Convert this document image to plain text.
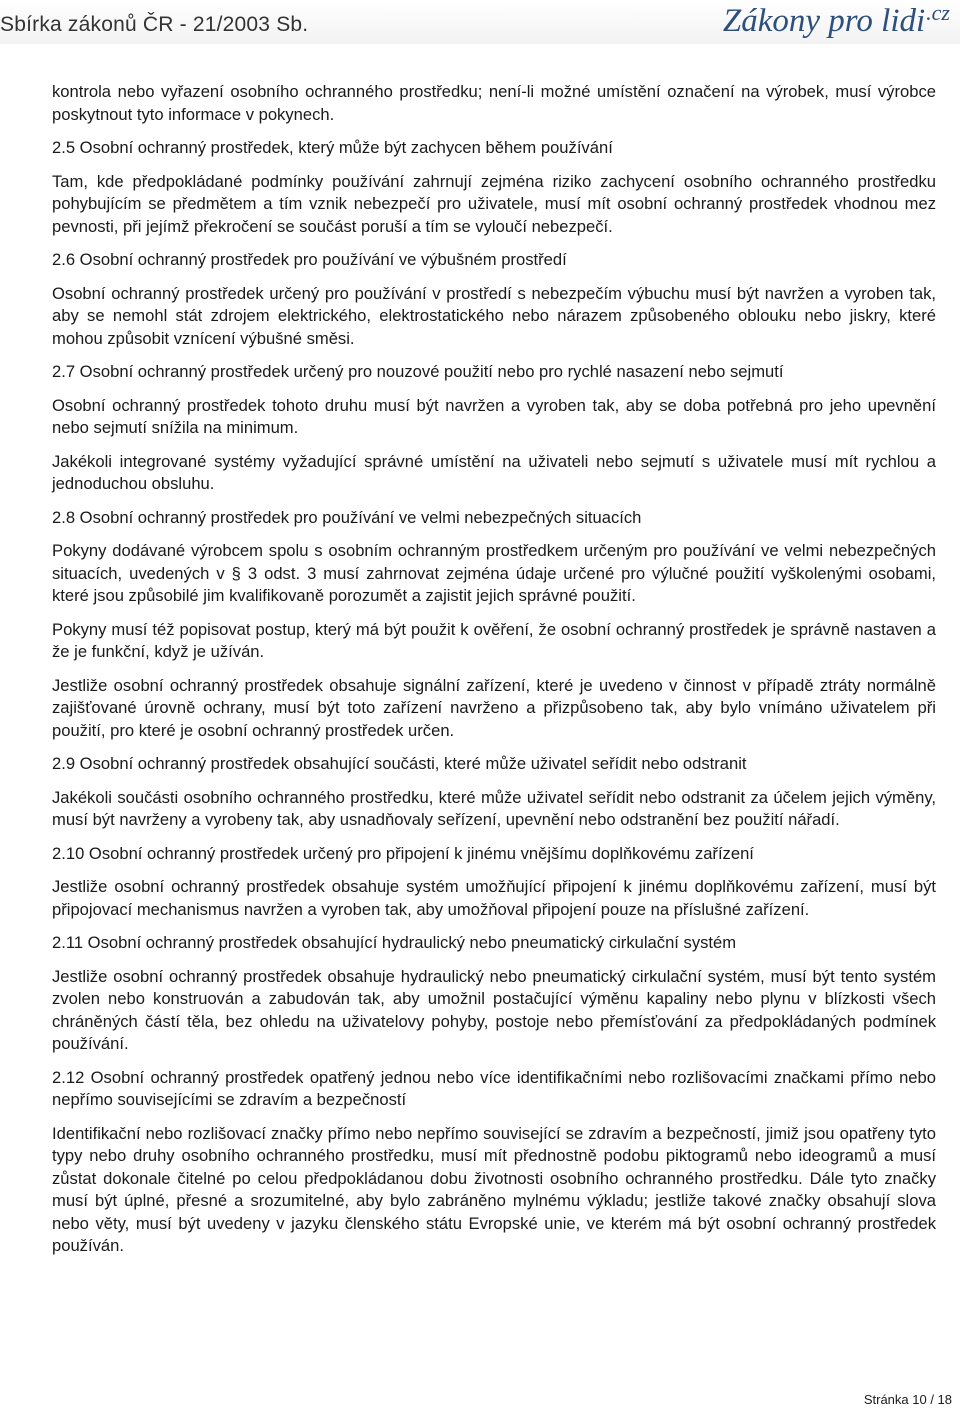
Sbírka zákonů ČR - 21/2003 Sb.	Zákony pro lidi$^{.cz}$

kontrola nebo vyřazení osobního ochranného prostředku; není-li možné umístění označení na výrobek, musí výrobce poskytnout tyto informace v pokynech.

2.5 Osobní ochranný prostředek, který může být zachycen během používání

Tam, kde předpokládané podmínky používání zahrnují zejména riziko zachycení osobního ochranného prostředku pohybujícím se předmětem a tím vznik nebezpečí pro uživatele, musí mít osobní ochranný prostředek vhodnou mez pevnosti, při jejímž překročení se součást poruší a tím se vyloučí nebezpečí.

2.6 Osobní ochranný prostředek pro používání ve výbušném prostředí

Osobní ochranný prostředek určený pro používání v prostředí s nebezpečím výbuchu musí být navržen a vyroben tak, aby se nemohl stát zdrojem elektrického, elektrostatického nebo nárazem způsobeného oblouku nebo jiskry, které mohou způsobit vznícení výbušné směsi.

2.7 Osobní ochranný prostředek určený pro nouzové použití nebo pro rychlé nasazení nebo sejmutí

Osobní ochranný prostředek tohoto druhu musí být navržen a vyroben tak, aby se doba potřebná pro jeho upevnění nebo sejmutí snížila na minimum.

Jakékoli integrované systémy vyžadující správné umístění na uživateli nebo sejmutí s uživatele musí mít rychlou a jednoduchou obsluhu.

2.8 Osobní ochranný prostředek pro používání ve velmi nebezpečných situacích

Pokyny dodávané výrobcem spolu s osobním ochranným prostředkem určeným pro používání ve velmi nebezpečných situacích, uvedených v § 3 odst. 3 musí zahrnovat zejména údaje určené pro výlučné použití vyškolenými osobami, které jsou způsobilé jim kvalifikovaně porozumět a zajistit jejich správné použití.

Pokyny musí též popisovat postup, který má být použit k ověření, že osobní ochranný prostředek je správně nastaven a že je funkční, když je užíván.

Jestliže osobní ochranný prostředek obsahuje signální zařízení, které je uvedeno v činnost v případě ztráty normálně zajišťované úrovně ochrany, musí být toto zařízení navrženo a přizpůsobeno tak, aby bylo vnímáno uživatelem při použití, pro které je osobní ochranný prostředek určen.

2.9 Osobní ochranný prostředek obsahující součásti, které může uživatel seřídit nebo odstranit

Jakékoli součásti osobního ochranného prostředku, které může uživatel seřídit nebo odstranit za účelem jejich výměny, musí být navrženy a vyrobeny tak, aby usnadňovaly seřízení, upevnění nebo odstranění bez použití nářadí.

2.10 Osobní ochranný prostředek určený pro připojení k jinému vnějšímu doplňkovému zařízení

Jestliže osobní ochranný prostředek obsahuje systém umožňující připojení k jinému doplňkovému zařízení, musí být připojovací mechanismus navržen a vyroben tak, aby umožňoval připojení pouze na příslušné zařízení.

2.11 Osobní ochranný prostředek obsahující hydraulický nebo pneumatický cirkulační systém

Jestliže osobní ochranný prostředek obsahuje hydraulický nebo pneumatický cirkulační systém, musí být tento systém zvolen nebo konstruován a zabudován tak, aby umožnil postačující výměnu kapaliny nebo plynu v blízkosti všech chráněných částí těla, bez ohledu na uživatelovy pohyby, postoje nebo přemísťování za předpokládaných podmínek používání.

2.12 Osobní ochranný prostředek opatřený jednou nebo více identifikačními nebo rozlišovacími značkami přímo nebo nepřímo souvisejícími se zdravím a bezpečností

Identifikační nebo rozlišovací značky přímo nebo nepřímo související se zdravím a bezpečností, jimiž jsou opatřeny tyto typy nebo druhy osobního ochranného prostředku, musí mít přednostně podobu piktogramů nebo ideogramů a musí zůstat dokonale čitelné po celou předpokládanou dobu životnosti osobního ochranného prostředku. Dále tyto značky musí být úplné, přesné a srozumitelné, aby bylo zabráněno mylnému výkladu; jestliže takové značky obsahují slova nebo věty, musí být uvedeny v jazyku členského státu Evropské unie, ve kterém má být osobní ochranný prostředek používán.

Stránka 10 / 18
